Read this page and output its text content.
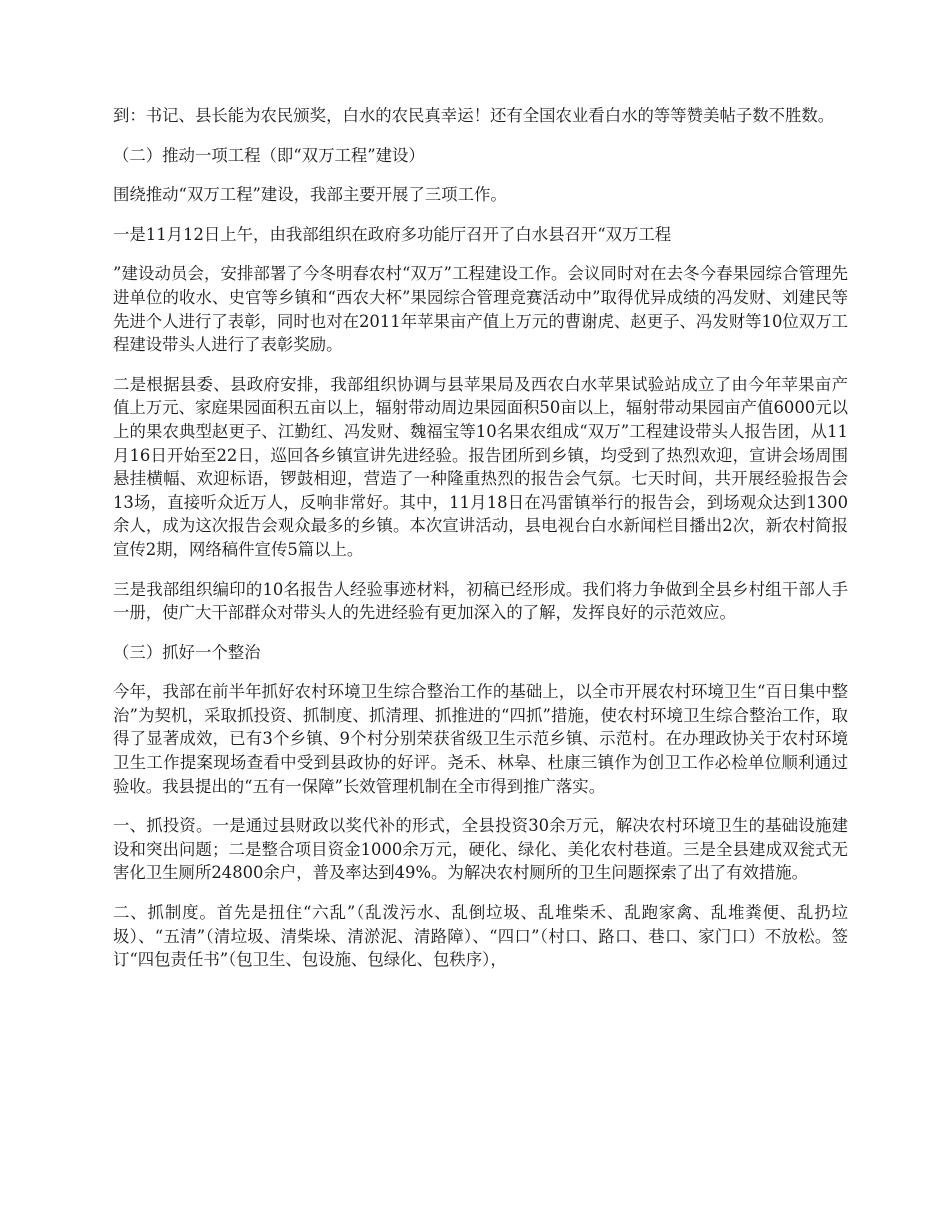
到：书记、县长能为农民颁奖，白水的农民真幸运！还有全国农业看白水的等等赞美帖子数不胜数。

（二）推动一项工程（即“双万工程”建设）

围绕推动“双万工程”建设，我部主要开展了三项工作。

一是11月12日上午，由我部组织在政府多功能厅召开了白水县召开“双万工程

”建设动员会，安排部署了今冬明春农村“双万”工程建设工作。会议同时对在去冬今春果园综合管理先进单位的收水、史官等乡镇和“西农大杯”果园综合管理竞赛活动中”取得优异成绩的冯发财、刘建民等先进个人进行了表彰，同时也对在2011年苹果亩产值上万元的曹谢虎、赵更子、冯发财等10位双万工程建设带头人进行了表彰奖励。

二是根据县委、县政府安排，我部组织协调与县苹果局及西农白水苹果试验站成立了由今年苹果亩产值上万元、家庭果园面积五亩以上，辐射带动周边果园面积50亩以上，辐射带动果园亩产值6000元以上的果农典型赵更子、江勤红、冯发财、魏福宝等10名果农组成“双万”工程建设带头人报告团，从11月16日开始至22日，巡回各乡镇宣讲先进经验。报告团所到乡镇，均受到了热烈欢迎，宣讲会场周围悬挂横幅、欢迎标语，锣鼓相迎，营造了一种隆重热烈的报告会气氛。七天时间，共开展经验报告会13场，直接听众近万人，反响非常好。其中，11月18日在冯雷镇举行的报告会，到场观众达到1300余人，成为这次报告会观众最多的乡镇。本次宣讲活动，县电视台白水新闻栏目播出2次，新农村简报宣传2期，网络稿件宣传5篇以上。

三是我部组织编印的10名报告人经验事迹材料，初稿已经形成。我们将力争做到全县乡村组干部人手一册，使广大干部群众对带头人的先进经验有更加深入的了解，发挥良好的示范效应。

（三）抓好一个整治

今年，我部在前半年抓好农村环境卫生综合整治工作的基础上，以全市开展农村环境卫生“百日集中整治”为契机，采取抓投资、抓制度、抓清理、抓推进的“四抓”措施，使农村环境卫生综合整治工作，取得了显著成效，已有3个乡镇、9个村分别荣获省级卫生示范乡镇、示范村。在办理政协关于农村环境卫生工作提案现场查看中受到县政协的好评。尧禾、林皋、杜康三镇作为创卫工作必检单位顺利通过验收。我县提出的“五有一保障”长效管理机制在全市得到推广落实。

一、抓投资。一是通过县财政以奖代补的形式，全县投资30余万元，解决农村环境卫生的基础设施建设和突出问题；二是整合项目资金1000余万元，硬化、绿化、美化农村巷道。三是全县建成双瓮式无害化卫生厕所24800余户，普及率达到49%。为解决农村厕所的卫生问题探索了出了有效措施。

二、抓制度。首先是扭住“六乱”（乱泼污水、乱倒垃圾、乱堆柴禾、乱跑家禽、乱堆粪便、乱扔垃圾）、“五清”（清垃圾、清柴垛、清淤泥、清路障）、“四口”（村口、路口、巷口、家门口）不放松。签订“四包责任书”（包卫生、包设施、包绿化、包秩序），
